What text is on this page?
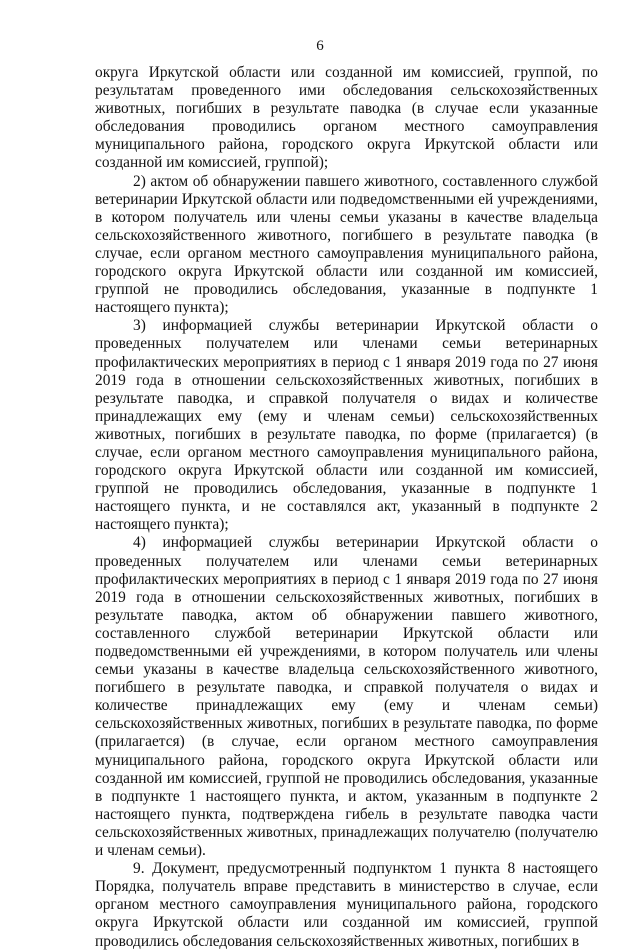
6

округа Иркутской области или созданной им комиссией, группой, по результатам проведенного ими обследования сельскохозяйственных животных, погибших в результате паводка (в случае если указанные обследования проводились органом местного самоуправления муниципального района, городского округа Иркутской области или созданной им комиссией, группой);

2) актом об обнаружении павшего животного, составленного службой ветеринарии Иркутской области или подведомственными ей учреждениями, в котором получатель или члены семьи указаны в качестве владельца сельскохозяйственного животного, погибшего в результате паводка (в случае, если органом местного самоуправления муниципального района, городского округа Иркутской области или созданной им комиссией, группой не проводились обследования, указанные в подпункте 1 настоящего пункта);

3) информацией службы ветеринарии Иркутской области о проведенных получателем или членами семьи ветеринарных профилактических мероприятиях в период с 1 января 2019 года по 27 июня 2019 года в отношении сельскохозяйственных животных, погибших в результате паводка, и справкой получателя о видах и количестве принадлежащих ему (ему и членам семьи) сельскохозяйственных животных, погибших в результате паводка, по форме (прилагается) (в случае, если органом местного самоуправления муниципального района, городского округа Иркутской области или созданной им комиссией, группой не проводились обследования, указанные в подпункте 1 настоящего пункта, и не составлялся акт, указанный в подпункте 2 настоящего пункта);

4) информацией службы ветеринарии Иркутской области о проведенных получателем или членами семьи ветеринарных профилактических мероприятиях в период с 1 января 2019 года по 27 июня 2019 года в отношении сельскохозяйственных животных, погибших в результате паводка, актом об обнаружении павшего животного, составленного службой ветеринарии Иркутской области или подведомственными ей учреждениями, в котором получатель или члены семьи указаны в качестве владельца сельскохозяйственного животного, погибшего в результате паводка, и справкой получателя о видах и количестве принадлежащих ему (ему и членам семьи) сельскохозяйственных животных, погибших в результате паводка, по форме (прилагается) (в случае, если органом местного самоуправления муниципального района, городского округа Иркутской области или созданной им комиссией, группой не проводились обследования, указанные в подпункте 1 настоящего пункта, и актом, указанным в подпункте 2 настоящего пункта, подтверждена гибель в результате паводка части сельскохозяйственных животных, принадлежащих получателю (получателю и членам семьи).

9. Документ, предусмотренный подпунктом 1 пункта 8 настоящего Порядка, получатель вправе представить в министерство в случае, если органом местного самоуправления муниципального района, городского округа Иркутской области или созданной им комиссией, группой проводились обследования сельскохозяйственных животных, погибших в
